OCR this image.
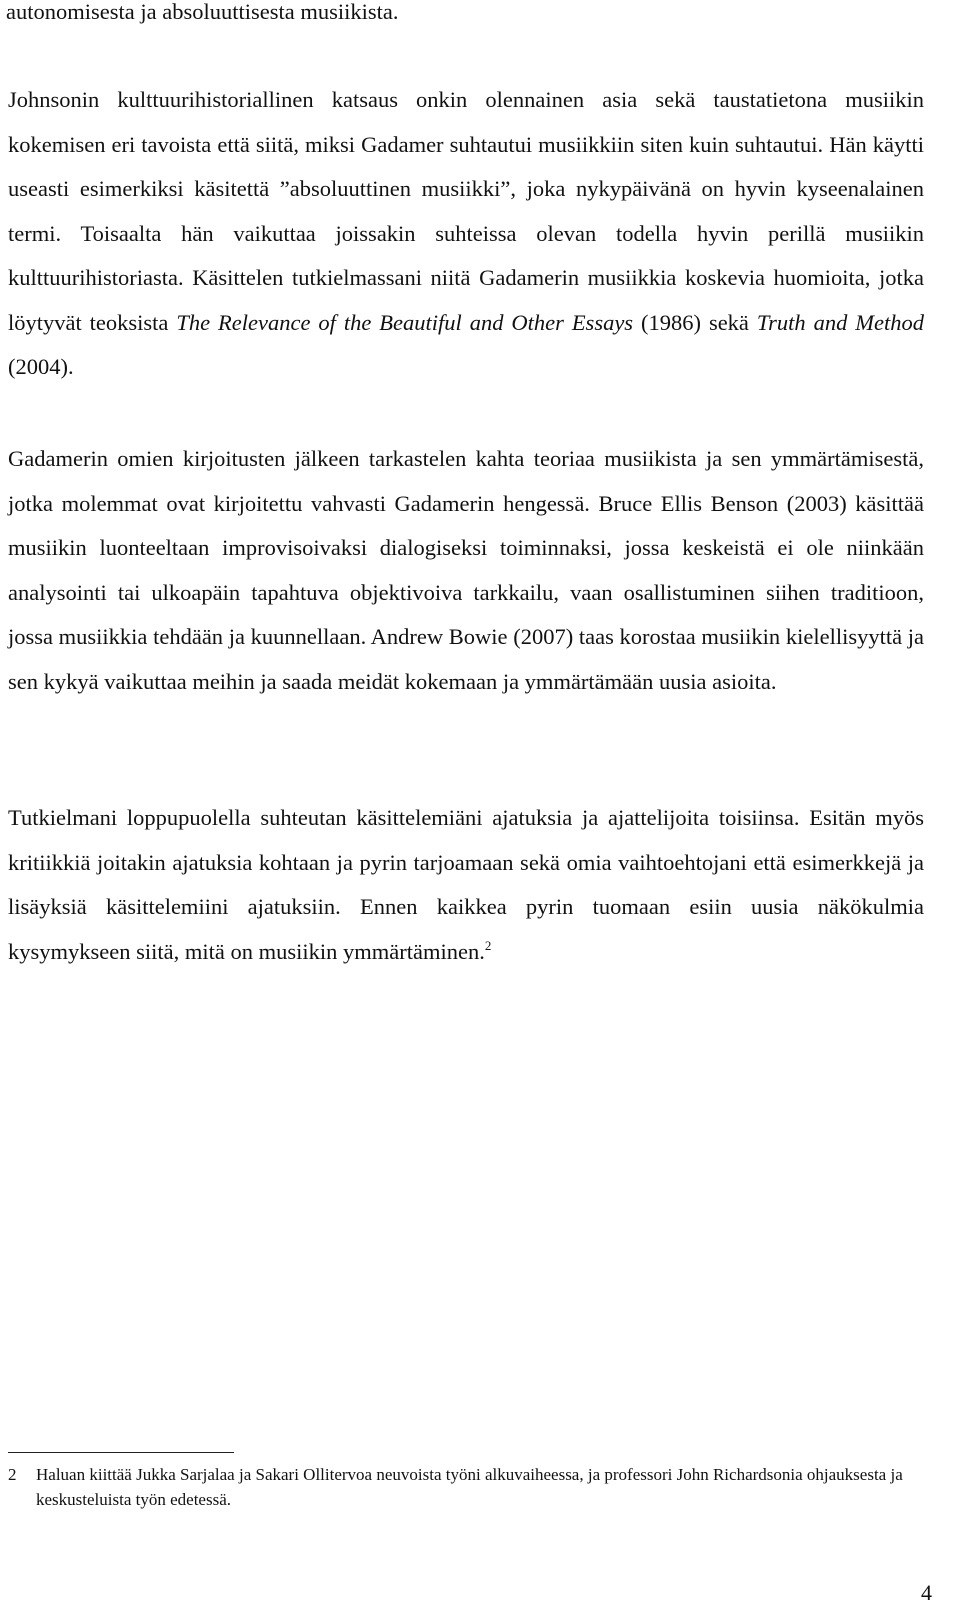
autonomisesta ja absoluuttisesta musiikista.

Johnsonin kulttuurihistoriallinen katsaus onkin olennainen asia sekä taustatietona musiikin kokemisen eri tavoista että siitä, miksi Gadamer suhtautui musiikkiin siten kuin suhtautui. Hän käytti useasti esimerkiksi käsitettä ”absoluuttinen musiikki”, joka nykypäivänä on hyvin kyseenalainen termi. Toisaalta hän vaikuttaa joissakin suhteissa olevan todella hyvin perillä musiikin kulttuurihistoriasta. Käsittelen tutkielmassani niitä Gadamerin musiikkia koskevia huomioita, jotka löytyvät teoksista The Relevance of the Beautiful and Other Essays (1986) sekä Truth and Method (2004).

Gadamerin omien kirjoitusten jälkeen tarkastelen kahta teoriaa musiikista ja sen ymmärtämisestä, jotka molemmat ovat kirjoitettu vahvasti Gadamerin hengessä. Bruce Ellis Benson (2003) käsittää musiikin luonteeltaan improvisoivaksi dialogiseksi toiminnaksi, jossa keskeistä ei ole niinkään analysointi tai ulkoapäin tapahtuva objektivoiva tarkkailu, vaan osallistuminen siihen traditioon, jossa musiikkia tehdään ja kuunnellaan. Andrew Bowie (2007) taas korostaa musiikin kielellisyyttä ja sen kykyä vaikuttaa meihin ja saada meidät kokemaan ja ymmärtämään uusia asioita.

Tutkielmani loppupuolella suhteutan käsittelemiäni ajatuksia ja ajattelijoita toisiinsa. Esitän myös kritiikkiä joitakin ajatuksia kohtaan ja pyrin tarjoamaan sekä omia vaihtoehtojani että esimerkkejä ja lisäyksiä käsittelemiini ajatuksiin. Ennen kaikkea pyrin tuomaan esiin uusia näkökulmia kysymykseen siitä, mitä on musiikin ymmärtäminen.$^2$

2 Haluan kiittää Jukka Sarjalaa ja Sakari Ollitervoa neuvoista työni alkuvaiheessa, ja professori John Richardsonia ohjauksesta ja keskusteluista työn edetessä.
4
